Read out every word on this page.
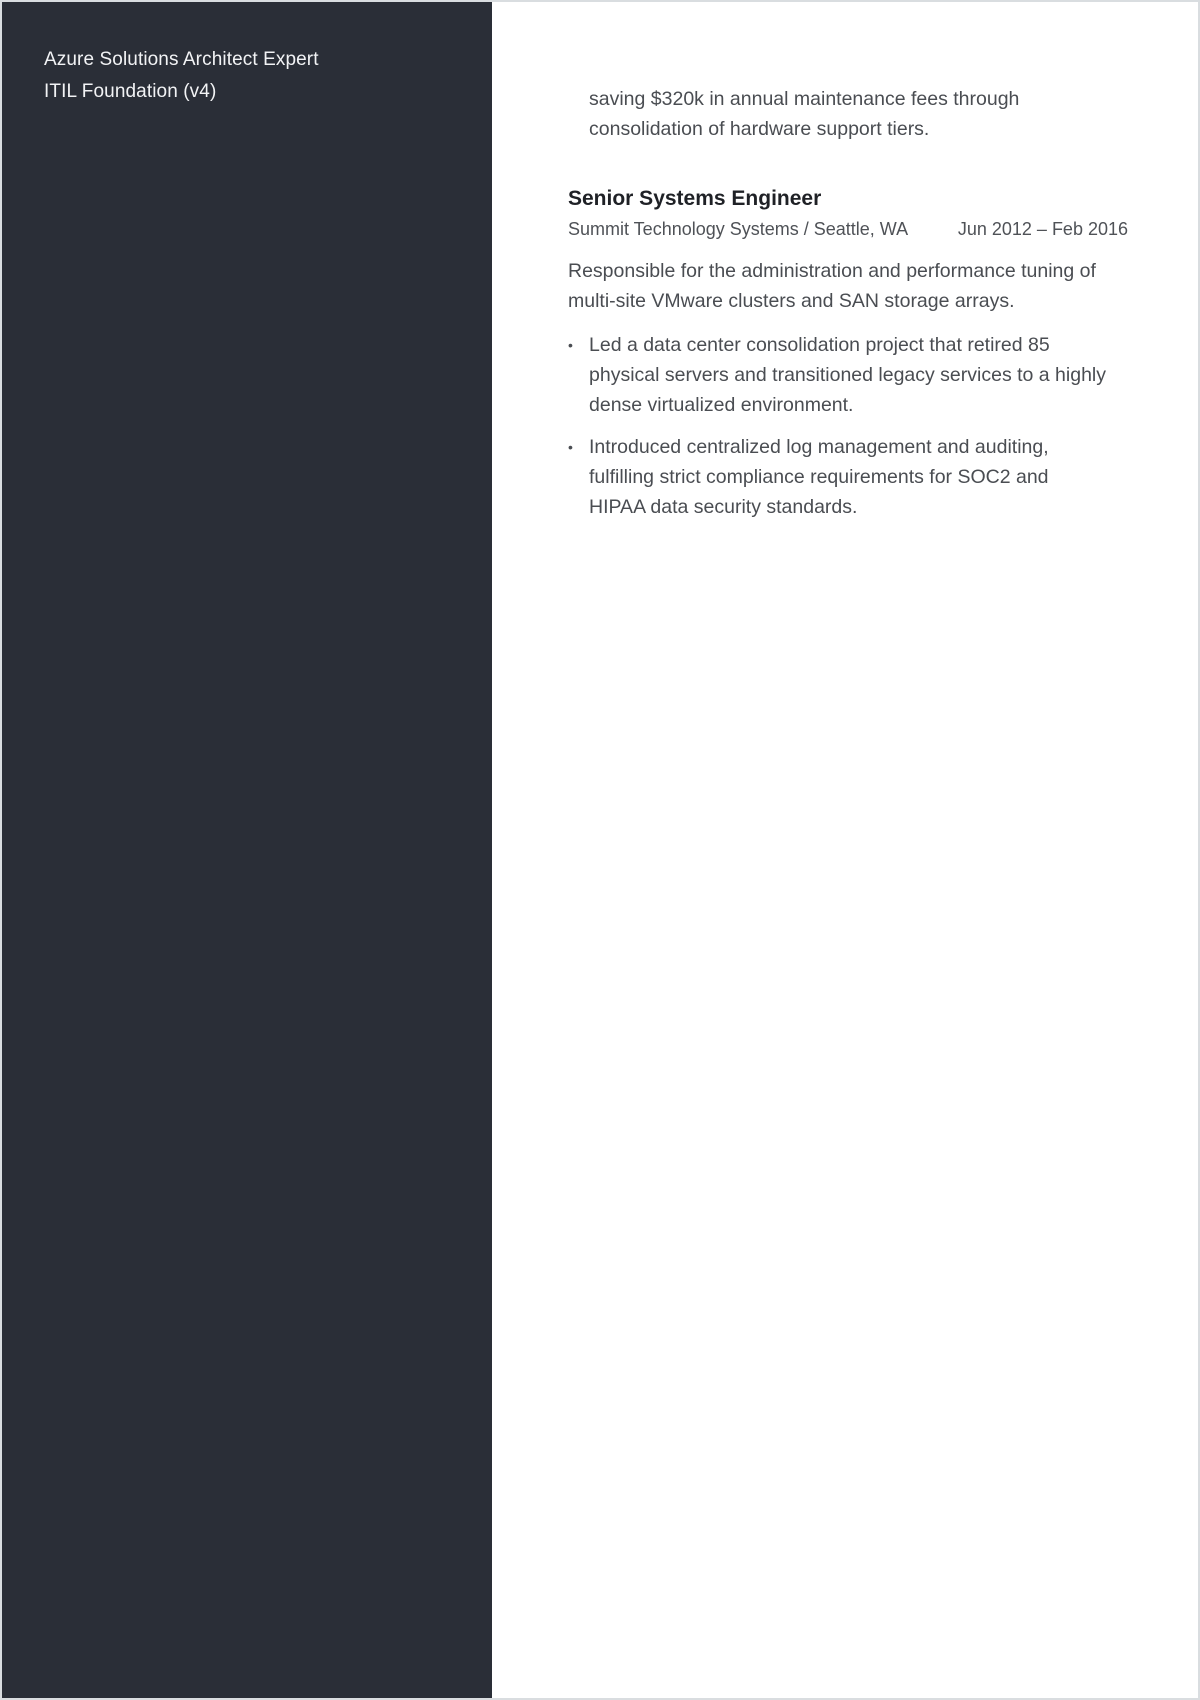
Azure Solutions Architect Expert
ITIL Foundation (v4)	saving $320k in annual maintenance fees through consolidation of hardware support tiers.

Senior Systems Engineer
Summit Technology Systems / Seattle, WA	Jun 2012 – Feb 2016

Responsible for the administration and performance tuning of multi-site VMware clusters and SAN storage arrays.

• Led a data center consolidation project that retired 85 physical servers and transitioned legacy services to a highly dense virtualized environment.
• Introduced centralized log management and auditing, fulfilling strict compliance requirements for SOC2 and HIPAA data security standards.
